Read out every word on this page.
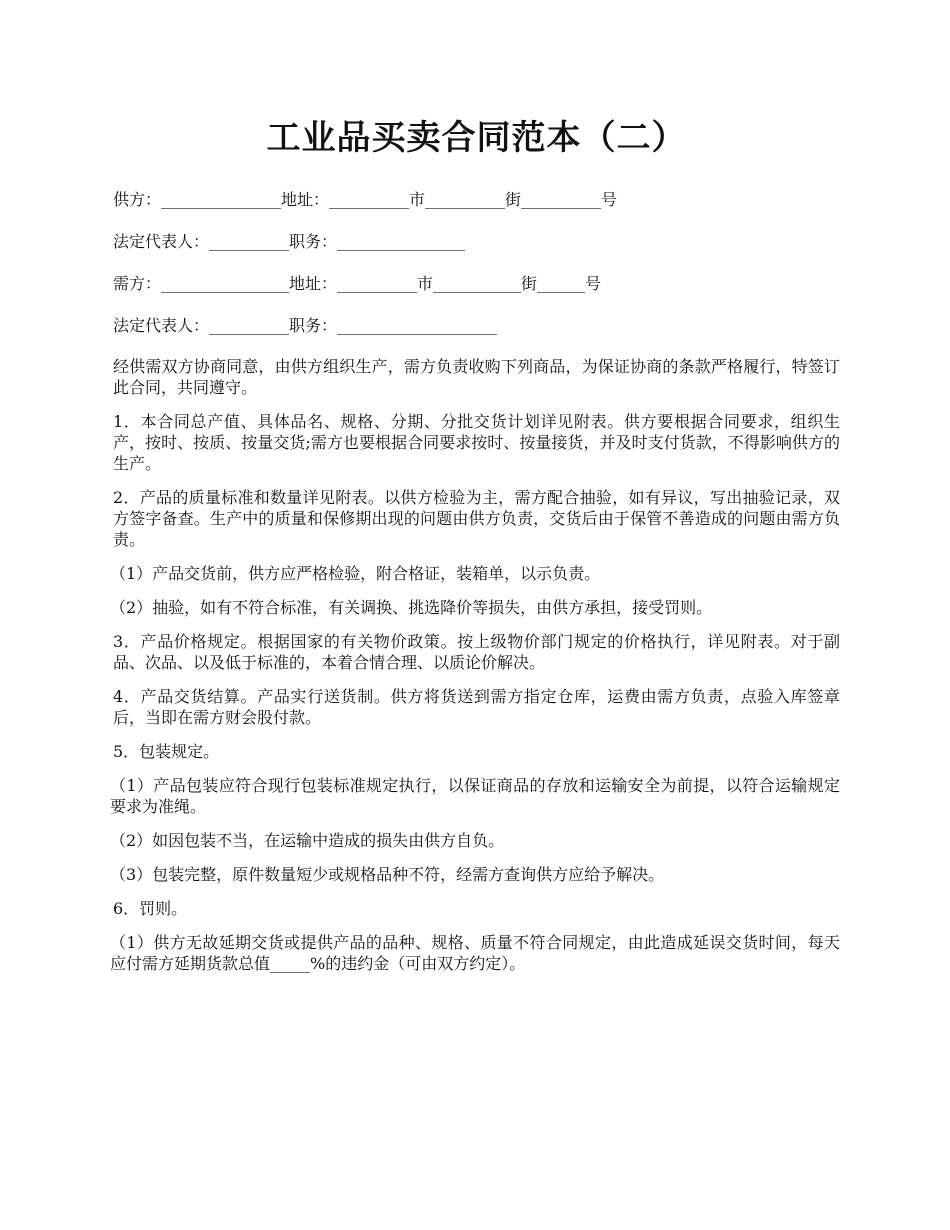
工业品买卖合同范本（二）

供方：_______________地址：__________市__________街__________号

法定代表人：__________职务：________________

需方：________________地址：__________市___________街______号

法定代表人：__________职务：____________________

经供需双方协商同意，由供方组织生产，需方负责收购下列商品，为保证协商的条款严格履行，特签订此合同，共同遵守。

1．本合同总产值、具体品名、规格、分期、分批交货计划详见附表。供方要根据合同要求，组织生产，按时、按质、按量交货;需方也要根据合同要求按时、按量接货，并及时支付货款，不得影响供方的生产。

2．产品的质量标准和数量详见附表。以供方检验为主，需方配合抽验，如有异议，写出抽验记录，双方签字备查。生产中的质量和保修期出现的问题由供方负责，交货后由于保管不善造成的问题由需方负责。

（1）产品交货前，供方应严格检验，附合格证，装箱单，以示负责。

（2）抽验，如有不符合标准，有关调换、挑选降价等损失，由供方承担，接受罚则。

3．产品价格规定。根据国家的有关物价政策。按上级物价部门规定的价格执行，详见附表。对于副品、次品、以及低于标准的，本着合情合理、以质论价解决。

4．产品交货结算。产品实行送货制。供方将货送到需方指定仓库，运费由需方负责，点验入库签章后，当即在需方财会股付款。

5．包装规定。

（1）产品包装应符合现行包装标准规定执行，以保证商品的存放和运输安全为前提，以符合运输规定要求为准绳。

（2）如因包装不当，在运输中造成的损失由供方自负。

（3）包装完整，原件数量短少或规格品种不符，经需方查询供方应给予解决。

6．罚则。

（1）供方无故延期交货或提供产品的品种、规格、质量不符合同规定，由此造成延误交货时间，每天应付需方延期货款总值_____%的违约金（可由双方约定）。
